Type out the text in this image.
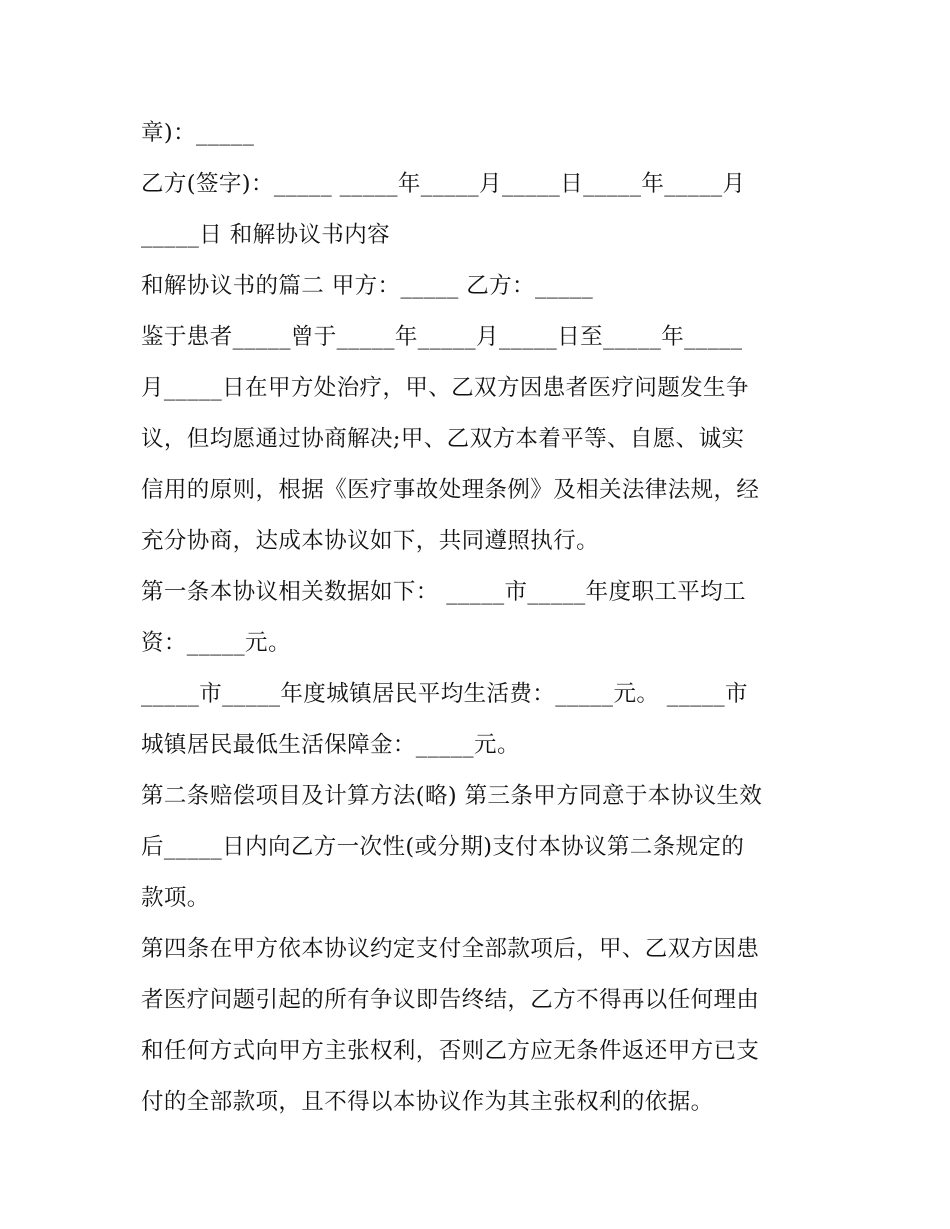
章)：_____
乙方(签字)：_____ _____年_____月_____日_____年_____月
_____日 和解协议书内容
和解协议书的篇二 甲方：_____ 乙方：_____
鉴于患者_____曾于_____年_____月_____日至_____年_____
月_____日在甲方处治疗，甲、乙双方因患者医疗问题发生争
议，但均愿通过协商解决;甲、乙双方本着平等、自愿、诚实
信用的原则，根据《医疗事故处理条例》及相关法律法规，经
充分协商，达成本协议如下，共同遵照执行。
第一条本协议相关数据如下： _____市_____年度职工平均工
资：_____元。
_____市_____年度城镇居民平均生活费：_____元。 _____市
城镇居民最低生活保障金：_____元。
第二条赔偿项目及计算方法(略) 第三条甲方同意于本协议生效
后_____日内向乙方一次性(或分期)支付本协议第二条规定的
款项。
第四条在甲方依本协议约定支付全部款项后，甲、乙双方因患
者医疗问题引起的所有争议即告终结，乙方不得再以任何理由
和任何方式向甲方主张权利，否则乙方应无条件返还甲方已支
付的全部款项，且不得以本协议作为其主张权利的依据。
